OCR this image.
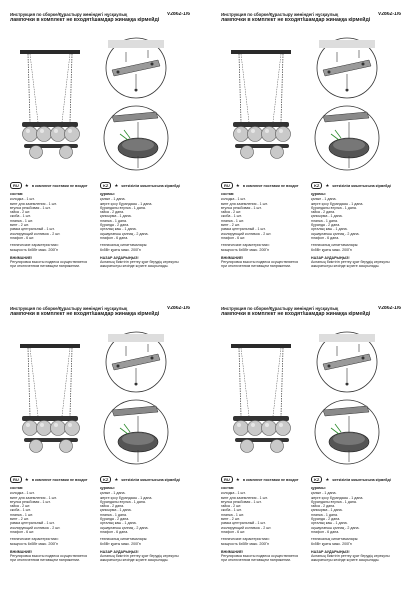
Инструкция по сборке/Құрастыру жөніндегі нұсқаулық	V2862-1/6
лампочки в комплект не входят/шамдар жинаққа кірмейді
RU	★ в комплект поставки не входит	KZ	★ жеткізілім жиынтығына кірмейді
состав:
колодка - 1 шт.
винт для заземления - 1 шт.
втулка резьбовая - 1 шт.
гайка - 2 шт.
скоба - 1 шт.
планка - 1 шт.
винт - 2 шт.
рамка центральный - 1 шт.
изолирующий колпачок - 2 шт.
плафон - 6 шт.
технические характеристики:
мощность 6х5Вт макс. 200Гн
ВНИМАНИЕ!
Регулировка высоты подвеса осуществляется
при отключенном питающем напряжении.
құрамы:
қалып - 1 дана.
жерге қосу бұрандасы - 1 дана.
бұрандалы втулка - 1 дана.
гайка - 2 дана.
қапсырма - 1 дана.
планка - 1 дана.
бұранда - 2 дана.
орталық каш - 1 дана.
оқшаулағыш қалпақ - 2 дана.
плафон - 6 дана.
техникалық сипаттамалары:
6х5Вт қуаты макс. 200Гн
НАЗАР АУДАРЫҢЫЗ!
Аспаның биіктігін реттеу қуат берудің керекулы
ажыратылуы кезінде жүзеге асырылады.
Инструкция по сборке/Құрастыру жөніндегі нұсқаулық	V2862-1/6
лампочки в комплект не входят/шамдар жинаққа кірмейді
RU	★ в комплект поставки не входит	KZ	★ жеткізілім жиынтығына кірмейді
состав:
колодка - 1 шт.
винт для заземления - 1 шт.
втулка резьбовая - 1 шт.
гайка - 2 шт.
скоба - 1 шт.
планка - 1 шт.
винт - 2 шт.
рамка центральный - 1 шт.
изолирующий колпачок - 2 шт.
плафон - 6 шт.
технические характеристики:
мощность 6х5Вт макс. 200Гн
ВНИМАНИЕ!
Регулировка высоты подвеса осуществляется
при отключенном питающем напряжении.
құрамы:
қалып - 1 дана.
жерге қосу бұрандасы - 1 дана.
бұрандалы втулка - 1 дана.
гайка - 2 дана.
қапсырма - 1 дана.
планка - 1 дана.
бұранда - 2 дана.
орталық каш - 1 дана.
оқшаулағыш қалпақ - 2 дана.
плафон - 6 дана.
техникалық сипаттамалары:
6х5Вт қуаты макс. 200Гн
НАЗАР АУДАРЫҢЫЗ!
Аспаның биіктігін реттеу қуат берудің керекулы
ажыратылуы кезінде жүзеге асырылады.
Инструкция по сборке/Құрастыру жөніндегі нұсқаулық	V2862-1/6
лампочки в комплект не входят/шамдар жинаққа кірмейді
RU	★ в комплект поставки не входит	KZ	★ жеткізілім жиынтығына кірмейді
состав:
колодка - 1 шт.
винт для заземления - 1 шт.
втулка резьбовая - 1 шт.
гайка - 2 шт.
скоба - 1 шт.
планка - 1 шт.
винт - 2 шт.
рамка центральный - 1 шт.
изолирующий колпачок - 2 шт.
плафон - 6 шт.
технические характеристики:
мощность 6х5Вт макс. 200Гн
ВНИМАНИЕ!
Регулировка высоты подвеса осуществляется
при отключенном питающем напряжении.
құрамы:
қалып - 1 дана.
жерге қосу бұрандасы - 1 дана.
бұрандалы втулка - 1 дана.
гайка - 2 дана.
қапсырма - 1 дана.
планка - 1 дана.
бұранда - 2 дана.
орталық каш - 1 дана.
оқшаулағыш қалпақ - 2 дана.
плафон - 6 дана.
техникалық сипаттамалары:
6х5Вт қуаты макс. 200Гн
НАЗАР АУДАРЫҢЫЗ!
Аспаның биіктігін реттеу қуат берудің керекулы
ажыратылуы кезінде жүзеге асырылады.
Инструкция по сборке/Құрастыру жөніндегі нұсқаулық	V2862-1/6
лампочки в комплект не входят/шамдар жинаққа кірмейді
RU	★ в комплект поставки не входит	KZ	★ жеткізілім жиынтығына кірмейді
состав:
колодка - 1 шт.
винт для заземления - 1 шт.
втулка резьбовая - 1 шт.
гайка - 2 шт.
скоба - 1 шт.
планка - 1 шт.
винт - 2 шт.
рамка центральный - 1 шт.
изолирующий колпачок - 2 шт.
плафон - 6 шт.
технические характеристики:
мощность 6х5Вт макс. 200Гн
ВНИМАНИЕ!
Регулировка высоты подвеса осуществляется
при отключенном питающем напряжении.
құрамы:
қалып - 1 дана.
жерге қосу бұрандасы - 1 дана.
бұрандалы втулка - 1 дана.
гайка - 2 дана.
қапсырма - 1 дана.
планка - 1 дана.
бұранда - 2 дана.
орталық каш - 1 дана.
оқшаулағыш қалпақ - 2 дана.
плафон - 6 дана.
техникалық сипаттамалары:
6х5Вт қуаты макс. 200Гн
НАЗАР АУДАРЫҢЫЗ!
Аспаның биіктігін реттеу қуат берудің керекулы
ажыратылуы кезінде жүзеге асырылады.
